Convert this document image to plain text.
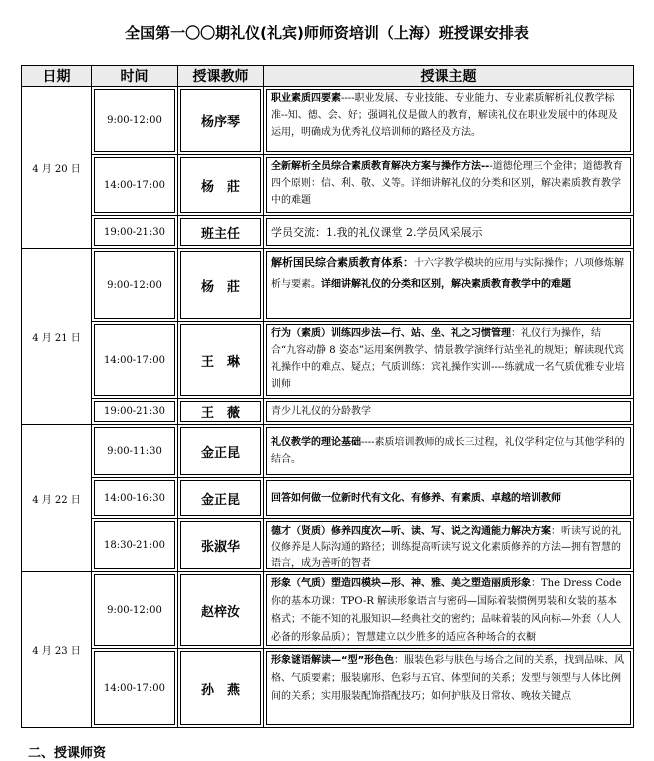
全国第一〇〇期礼仪(礼宾)师师资培训（上海）班授课安排表
日期	时间	授课教师	授课主题
4 月 20 日	9:00-12:00	杨序琴	职业素质四要素----职业发展、专业技能、专业能力、专业素质解析礼仪教学标准--知、德、会、好；强调礼仪是做人的教育，解读礼仪在职业发展中的体现及运用，明确成为优秀礼仪培训师的路径及方法。

14:00-17:00	杨　莊	全新解析全员综合素质教育解决方案与操作方法---道德伦理三个金律；道德教育四个原则：信、利、敬、义等。详细讲解礼仪的分类和区别，解决素质教育教学中的难题

19:00-21:30	班主任	学员交流：1.我的礼仪课堂 2.学员风采展示

4 月 21 日	9:00-12:00	杨　莊	解析国民综合素质教育体系：十六字教学模块的应用与实际操作；八项修炼解析与要素。详细讲解礼仪的分类和区别，解决素质教育教学中的难题

14:00-17:00	王　琳	行为（素质）训练四步法—行、站、坐、礼之习惯管理：礼仪行为操作，结合“九容动静 8 姿态”运用案例教学、情景教学演绎行站坐礼的规矩；解读现代宾礼操作中的难点、疑点；气质训练：宾礼操作实训----练就成一名气质优雅专业培训师

19:00-21:30	王　薇	青少儿礼仪的分龄教学

4 月 22 日	9:00-11:30	金正昆	礼仪教学的理论基础----素质培训教师的成长三过程，礼仪学科定位与其他学科的结合。

14:00-16:30	金正昆	回答如何做一位新时代有文化、有修养、有素质、卓越的培训教师

18:30-21:00	张淑华	德才（贤质）修养四度次—听、读、写、说之沟通能力解决方案：听读写说的礼仪修养是人际沟通的路径；训练提高听读写说文化素质修养的方法—拥有智慧的语言，成为善听的智者

4 月 23 日	9:00-12:00	赵梓汝	形象（气质）塑造四模块—形、神、雅、美之塑造丽质形象：The Dress Code 你的基本功课：TPO-R 解读形象语言与密码—国际着装惯例男装和女装的基本格式；不能不知的礼服知识—经典社交的密约；品味着装的风向标—外套（人人必备的形象品质）；智慧建立以少胜多的适应各种场合的衣橱

14:00-17:00	孙　燕	形象谜语解读—“型”形色色：服装色彩与肤色与场合之间的关系，找到品味、风格、气质要素；服装廓形、色彩与五官、体型间的关系；发型与领型与人体比例间的关系；实用服装配饰搭配技巧；如何护肤及日常妆、晚妆关键点
二、授课师资
